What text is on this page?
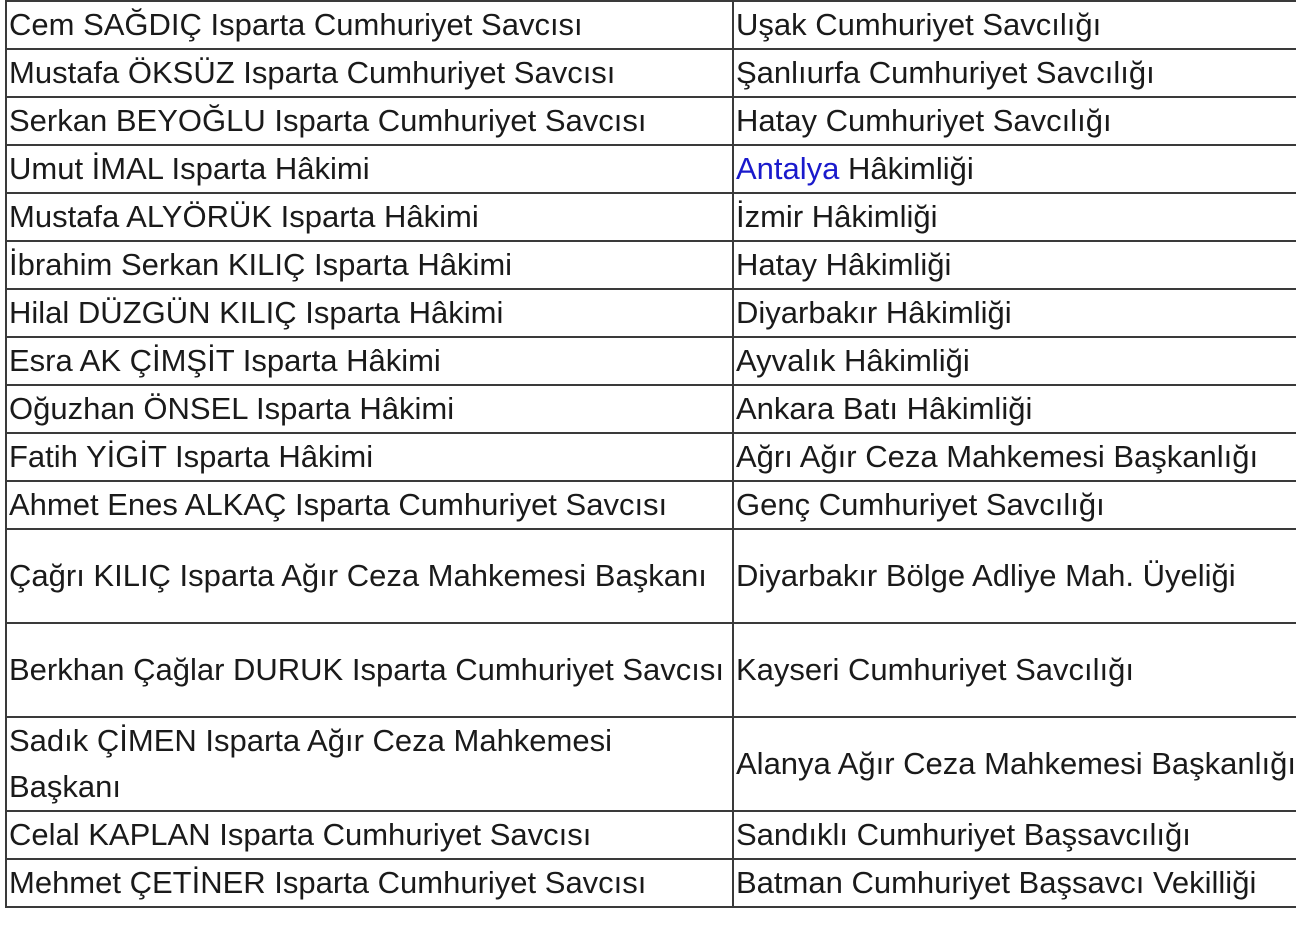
Cem SAĞDIÇ Isparta Cumhuriyet Savcısı	Uşak Cumhuriyet Savcılığı
Mustafa ÖKSÜZ Isparta Cumhuriyet Savcısı	Şanlıurfa Cumhuriyet Savcılığı
Serkan BEYOĞLU Isparta Cumhuriyet Savcısı	Hatay Cumhuriyet Savcılığı
Umut İMAL Isparta Hâkimi	Antalya Hâkimliği
Mustafa ALYÖRÜK Isparta Hâkimi	İzmir Hâkimliği
İbrahim Serkan KILIÇ Isparta Hâkimi	Hatay Hâkimliği
Hilal DÜZGÜN KILIÇ Isparta Hâkimi	Diyarbakır Hâkimliği
Esra AK ÇİMŞİT Isparta Hâkimi	Ayvalık Hâkimliği
Oğuzhan ÖNSEL Isparta Hâkimi	Ankara Batı Hâkimliği
Fatih YİGİT Isparta Hâkimi	Ağrı Ağır Ceza Mahkemesi Başkanlığı
Ahmet Enes ALKAÇ Isparta Cumhuriyet Savcısı	Genç Cumhuriyet Savcılığı
Çağrı KILIÇ Isparta Ağır Ceza Mahkemesi Başkanı	Diyarbakır Bölge Adliye Mah. Üyeliği
Berkhan Çağlar DURUK Isparta Cumhuriyet Savcısı	Kayseri Cumhuriyet Savcılığı
Sadık ÇİMEN Isparta Ağır Ceza Mahkemesi Başkanı	Alanya Ağır Ceza Mahkemesi Başkanlığı
Celal KAPLAN Isparta Cumhuriyet Savcısı	Sandıklı Cumhuriyet Başsavcılığı
Mehmet ÇETİNER Isparta Cumhuriyet Savcısı	Batman Cumhuriyet Başsavcı Vekilliği
